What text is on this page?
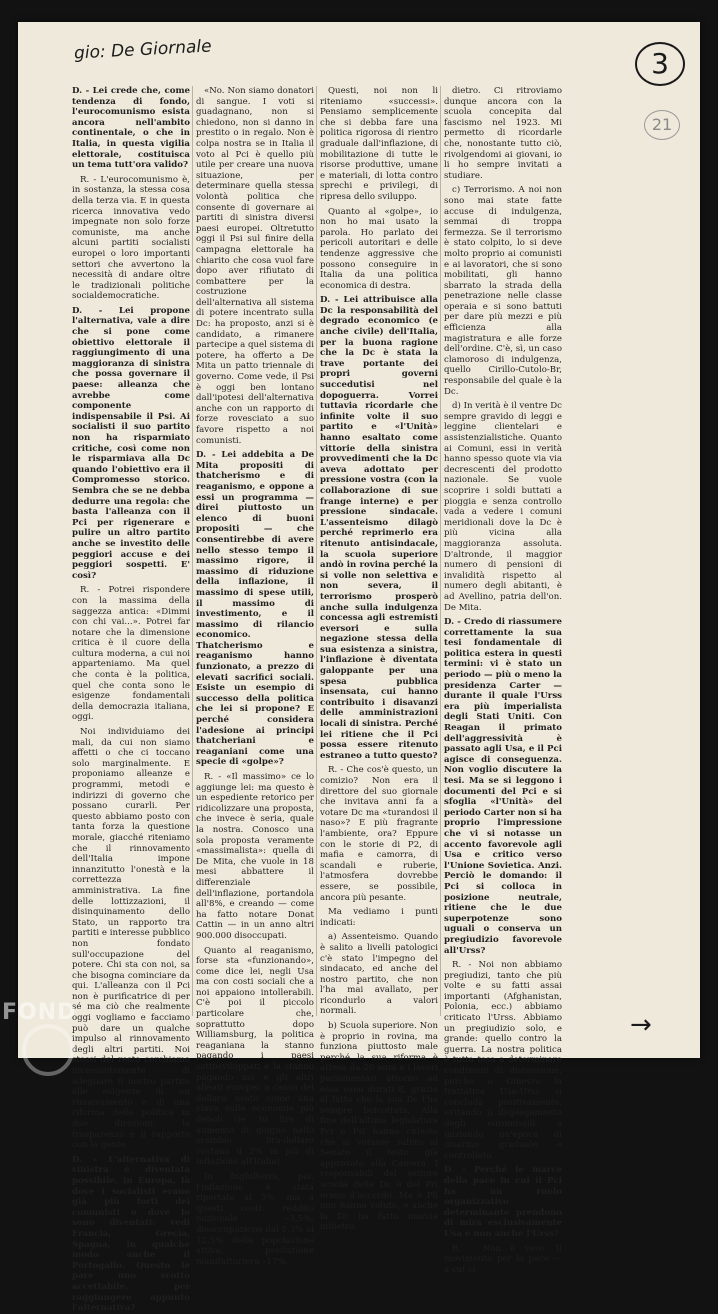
gio: De Giornale	3
21

D. - Lei crede che, come tendenza di fondo, l'eurocomunismo esista ancora nell'ambito continentale, o che in Italia, in questa vigilia elettorale, costituisca un tema tutt'ora valido?

R. - L'eurocomunismo è, in sostanza, la stessa cosa della terza via. E in questa ricerca innovativa vedo impegnate non solo forze comuniste, ma anche alcuni partiti socialisti europei o loro importanti settori che avvertono la necessità di andare oltre le tradizionali politiche socialdemocratiche.

D. - Lei propone l'alternativa, vale a dire che si pone come obiettivo elettorale il raggiungimento di una maggioranza di sinistra che possa governare il paese: alleanza che avrebbe come componente indispensabile il Psi. Ai socialisti il suo partito non ha risparmiato critiche, così come non le risparmiava alla Dc quando l'obiettivo era il Compromesso storico. Sembra che se ne debba dedurre una regola: che basta l'alleanza con il Pci per rigenerare e pulire un altro partito anche se investito delle peggiori accuse e dei peggiori sospetti. E' così?

R. - Potrei rispondere con la massima della saggezza antica: «Dimmi con chi vai...». Potrei far notare che la dimensione critica è il cuore della cultura moderna, a cui noi apparteniamo. Ma quel che conta è la politica, quel che conta sono le esigenze fondamentali della democrazia italiana, oggi.

Noi individuiamo dei mali, da cui non siamo affetti o che ci toccano solo marginalmente. E proponiamo alleanze e programmi, metodi e indirizzi di governo che possano curarli. Per questo abbiamo posto con tanta forza la questione morale, giacché riteniamo che il rinnovamento dell'Italia impone innanzitutto l'onestà e la correttezza amministrativa. La fine delle lottizzazioni, il disinquinamento dello Stato, un rapporto tra partiti e interesse pubblico non fondato sull'occupazione del potere. Chi sta con noi, sa che bisogna cominciare da qui. L'alleanza con il Pci non è purificatrice di per sé ma ciò che realmente oggi vogliamo e facciamo può dare un qualche impulso al rinnovamento degli altri partiti. Noi stessi del resto cerchiamo incessantemente di adeguare il nostro partito alle esigenze di un rinnovamento e di una riforma della politica in due direzioni: la trasparenza e il rapporto con la gente.

D. - L'alternativa di sinistra è diventata possibile, in Europa, là dove i socialisti erano già più forti dei comunisti o dove lo sono diventati: vedi Francia, Grecia, Spagna, in qualche modo anche il Portogallo. Questo le pare uno scotto accettabile, per raggiungere appunto l'alternativa?

«No. Non siamo donatori di sangue. I voti si guadagnano, non si chiedono, non si danno in prestito o in regalo. Non è colpa nostra se in Italia il voto al Pci è quello più utile per creare una nuova situazione, per determinare quella stessa volontà politica che consente di governare ai partiti di sinistra diversi paesi europei. Oltretutto oggi il Psi sul finire della campagna elettorale ha chiarito che cosa vuol fare dopo aver rifiutato di combattere per la costruzione dell'alternativa all sistema di potere incentrato sulla Dc: ha proposto, anzi si è candidato, a rimanere partecipe a quel sistema di potere, ha offerto a De Mita un patto triennale di governo. Come vede, il Psi è oggi ben lontano dall'ipotesi dell'alternativa anche con un rapporto di forze rovesciato a suo favore rispetto a noi comunisti.

D. - Lei addebita a De Mita propositi di thatcherismo e di reaganismo, e oppone a essi un programma — direi piuttosto un elenco di buoni propositi — che consentirebbe di avere nello stesso tempo il massimo rigore, il massimo di riduzione della inflazione, il massimo di spese utili, il massimo di investimento, e il massimo di rilancio economico. Thatcherismo e reaganismo hanno funzionato, a prezzo di elevati sacrifici sociali. Esiste un esempio di successo della politica che lei si propone? E perché considera l'adesione ai principi thatcheriani e reaganiani come una specie di «golpe»?

R. - «Il massimo» ce lo aggiunge lei: ma questo è un espediente retorico per ridicolizzare una proposta, che invece è seria, quale la nostra. Conosco una sola proposta veramente «massimalista»: quella di De Mita, che vuole in 18 mesi abbattere il differenziale dell'inflazione, portandola all'8%, e creando — come ha fatto notare Donat Cattin — in un anno altri 900.000 disoccupati.

Quanto al reaganismo, forse sta «funzionando», come dice lei, negli Usa ma con costi sociali che a noi appaiono intollerabili. C'è poi il piccolo particolare che, soprattutto dopo Williamsburg, la politica reaganiana la stanno pagando i paesi sottosviluppati e la stanno pagando noi e gli altri alleati europei, a causa del dollaro usato come una clava sulle economie più deboli (le 30 lire di aumento di giugno nello scambio lira-dollaro costano il 2% in più di inflazione all'Italia).

In Inghilterra, poi, l'inflazione è stata riportata al 5%, ma a questi costi: reddito nazionale –3,5%, disoccupazione dal 5,3% al 12,5% della popolazione attiva, produzione manifatturiera –17%.

Questi, noi non li riteniamo «successi». Pensiamo semplicemente che si debba fare una politica rigorosa di rientro graduale dall'inflazione, di mobilitazione di tutte le risorse produttive, umane e materiali, di lotta contro sprechi e privilegi, di ripresa dello sviluppo.

Quanto al «golpe», io non ho mai usato la parola. Ho parlato dei pericoli autoritari e delle tendenze aggressive che possono conseguire in Italia da una politica economica di destra.

D. - Lei attribuisce alla Dc la responsabilità del degrado economico (e anche civile) dell'Italia, per la buona ragione che la Dc è stata la trave portante dei propri governi succedutisi nel dopoguerra. Vorrei tuttavia ricordarle che infinite volte il suo partito e «l'Unità» hanno esaltato come vittorie della sinistra provvedimenti che la Dc aveva adottato per pressione vostra (con la collaborazione di sue frange interne) e per pressione sindacale. L'assenteismo dilagò perché reprimerlo era ritenuto antisindacale, la scuola superiore andò in rovina perché la si volle non selettiva e non severa, il terrorismo prosperò anche sulla indulgenza concessa agli estremisti eversori e sulla negazione stessa della sua esistenza a sinistra, l'inflazione è diventata galoppante per una spesa pubblica insensata, cui hanno contribuito i disavanzi delle amministrazioni locali di sinistra. Perché lei ritiene che il Pci possa essere ritenuto estraneo a tutto questo?

R. - Che cos'è questo, un comizio? Non era il direttore del suo giornale che invitava anni fa a votare Dc ma «turandosi il naso»? E più fragrante l'ambiente, ora? Eppure con le storie di P2, di mafia e camorra, di scandali e ruberie, l'atmosfera dovrebbe essere, se possibile, ancora più pesante.

Ma vediamo i punti indicati:

a) Assenteismo. Quando è salito a livelli patologici c'è stato l'impegno del sindacato, ed anche del nostro partito, che non l'ha mai avallato, per ricondurlo a valori normali.

b) Scuola superiore. Non è proprio in rovina, ma funziona piuttosto male perché la sua riforma è attesa da 20 anni e i lavori parlamentari attorno ad essa sono durati 8, grazie al fatto che la sua Dc l'ha sempre boicottata. Alla fine dell'ultima legislatura Pci e Psi hanno chiesto che si votasse subito al Senato il testo già approvato alla Camera. I responsabili del settore scuola della Dc e del Pri erano d'accordo. Ma è Pli non hanno voluto, e anche la Dc ha fatto marcia indietro.

dietro. Ci ritroviamo dunque ancora con la scuola concepita dal fascismo nel 1923. Mi permetto di ricordarle che, nonostante tutto ciò, rivolgendomi ai giovani, io li ho sempre invitati a studiare.

c) Terrorismo. A noi non sono mai state fatte accuse di indulgenza, semmai di troppa fermezza. Se il terrorismo è stato colpito, lo si deve molto proprio ai comunisti e ai lavoratori, che si sono mobilitati, gli hanno sbarrato la strada della penetrazione nelle classe operaia e si sono battuti per dare più mezzi e più efficienza alla magistratura e alle forze dell'ordine. C'è, sì, un caso clamoroso di indulgenza, quello Cirillo-Cutolo-Br, responsabile del quale è la Dc.

d) In verità è il ventre Dc sempre gravido di leggi e leggine clientelari e assistenzialistiche. Quanto ai Comuni, essi in verità hanno spesso quote via via decrescenti del prodotto nazionale. Se vuole scoprire i soldi buttati a pioggia e senza controllo vada a vedere i comuni meridionali dove la Dc è più vicina alla maggioranza assoluta. D'altronde, il maggior numero di pensioni di invalidità rispetto al numero degli abitanti, è ad Avellino, patria dell'on. De Mita.

D. - Credo di riassumere correttamente la sua tesi fondamentale di politica estera in questi termini: vi è stato un periodo — più o meno la presidenza Carter — durante il quale l'Urss era più imperialista degli Stati Uniti. Con Reagan il primato dell'aggressività è passato agli Usa, e il Pci agisce di conseguenza. Non voglio discutere la tesi. Ma se si leggono i documenti del Pci e si sfoglia «l'Unità» del periodo Carter non si ha proprio l'impressione che vi si notasse un accento favorevole agli Usa e critico verso l'Unione Sovietica. Anzi. Perciò le domando: il Pci si colloca in posizione neutrale, ritiene che le due superpotenze sono uguali o conserva un pregiudizio favorevole all'Urss?

R. - Noi non abbiamo pregiudizi, tanto che più volte e su fatti assai importanti (Afghanistan, Polonia, ecc.) abbiamo criticato l'Urss. Abbiamo un pregiudizio solo, e grande: quello contro la guerra. La nostra politica è tutta tesa a determinare condizioni di distensione, perché a Ginevra la trattativa Usa-Urss si concluda positivamente, evitando il dispiegamento degli euromissili e iniziando un'epoca di disarmo graduale e controllato.

D. - Perché le marce della pace in cui il Pci ha un ruolo organizzativo determinante prendono di mira esclusivamente Usa e non anche l'Urss?

R. - Non è vero. Il movimento per la pace — a cui ci

→
FOND
